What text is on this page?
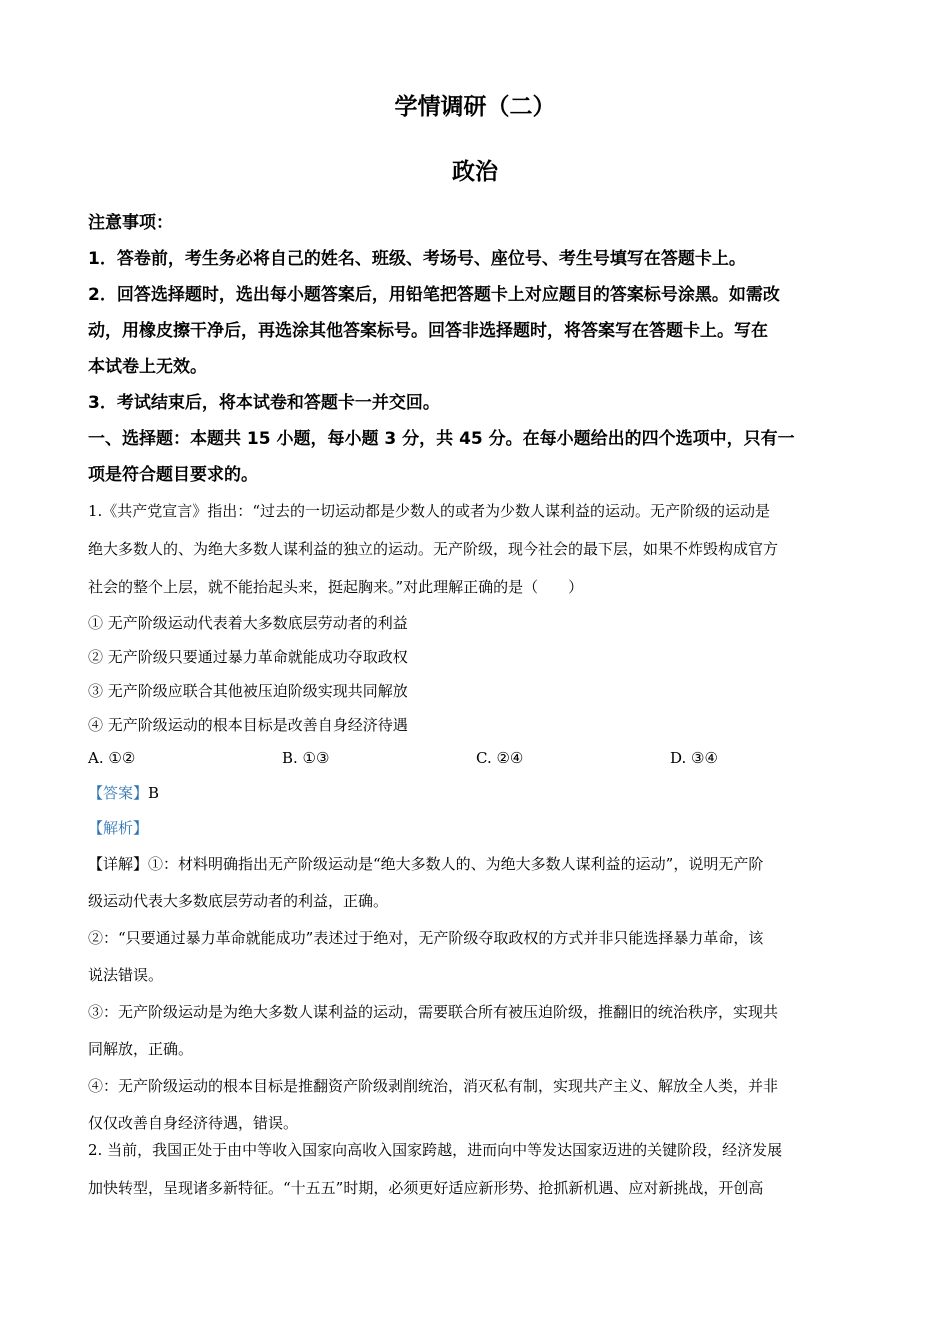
学情调研（二）
政治

注意事项：

1．答卷前，考生务必将自己的姓名、班级、考场号、座位号、考生号填写在答题卡上。

2．回答选择题时，选出每小题答案后，用铅笔把答题卡上对应题目的答案标号涂黑。如需改

动，用橡皮擦干净后，再选涂其他答案标号。回答非选择题时，将答案写在答题卡上。写在

本试卷上无效。

3．考试结束后，将本试卷和答题卡一并交回。

一、选择题：本题共 15 小题，每小题 3 分，共 45 分。在每小题给出的四个选项中，只有一

项是符合题目要求的。

1.《共产党宣言》指出：“过去的一切运动都是少数人的或者为少数人谋利益的运动。无产阶级的运动是

绝大多数人的、为绝大多数人谋利益的独立的运动。无产阶级，现今社会的最下层，如果不炸毁构成官方

社会的整个上层，就不能抬起头来，挺起胸来。”对此理解正确的是（　　）

① 无产阶级运动代表着大多数底层劳动者的利益

② 无产阶级只要通过暴力革命就能成功夺取政权

③ 无产阶级应联合其他被压迫阶级实现共同解放

④ 无产阶级运动的根本目标是改善自身经济待遇

A. ①②	B. ①③	C. ②④	D. ③④

【答案】B

【解析】

【详解】①：材料明确指出无产阶级运动是“绝大多数人的、为绝大多数人谋利益的运动”，说明无产阶

级运动代表大多数底层劳动者的利益，正确。

②：“只要通过暴力革命就能成功”表述过于绝对，无产阶级夺取政权的方式并非只能选择暴力革命，该

说法错误。

③：无产阶级运动是为绝大多数人谋利益的运动，需要联合所有被压迫阶级，推翻旧的统治秩序，实现共

同解放，正确。

④：无产阶级运动的根本目标是推翻资产阶级剥削统治，消灭私有制，实现共产主义、解放全人类，并非

仅仅改善自身经济待遇，错误。

2. 当前，我国正处于由中等收入国家向高收入国家跨越，进而向中等发达国家迈进的关键阶段，经济发展

加快转型，呈现诸多新特征。“十五五”时期，必须更好适应新形势、抢抓新机遇、应对新挑战，开创高
